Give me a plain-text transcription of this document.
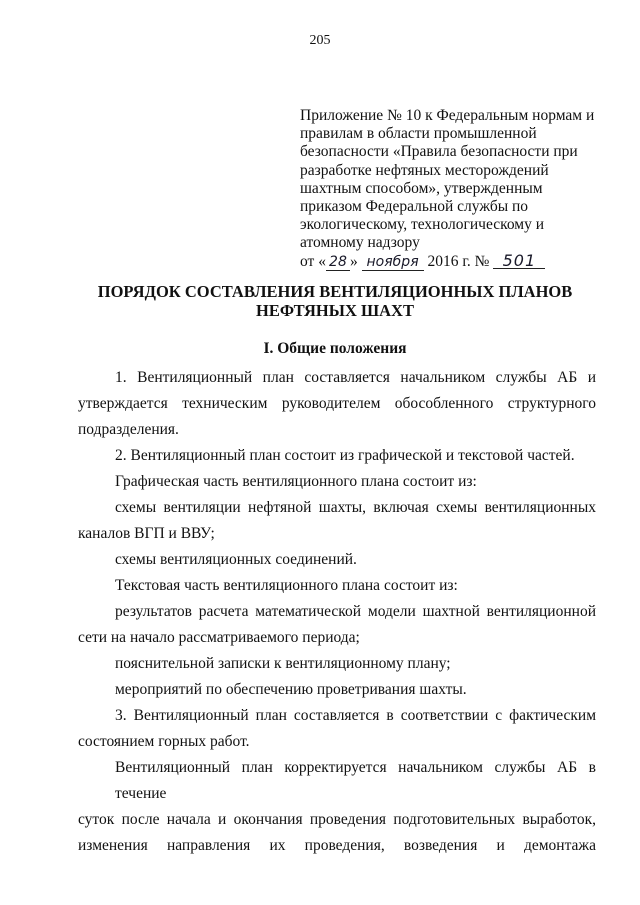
205
Приложение № 10 к Федеральным нормам и
правилам в области промышленной
безопасности «Правила безопасности при
разработке нефтяных месторождений
шахтным способом», утвержденным
приказом Федеральной службы по
экологическому, технологическому и
атомному надзору
от « 28 » ноября 2016 г. № 501
ПОРЯДОК СОСТАВЛЕНИЯ ВЕНТИЛЯЦИОННЫХ ПЛАНОВ
НЕФТЯНЫХ ШАХТ
I. Общие положения

1. Вентиляционный план составляется начальником службы АБ и

утверждается техническим руководителем обособленного структурного

подразделения.

2. Вентиляционный план состоит из графической и текстовой частей.

Графическая часть вентиляционного плана состоит из:

схемы вентиляции нефтяной шахты, включая схемы вентиляционных

каналов ВГП и ВВУ;

схемы вентиляционных соединений.

Текстовая часть вентиляционного плана состоит из:

результатов расчета математической модели шахтной вентиляционной

сети на начало рассматриваемого периода;

пояснительной записки к вентиляционному плану;

мероприятий по обеспечению проветривания шахты.

3. Вентиляционный план составляется в соответствии с фактическим

состоянием горных работ.

Вентиляционный план корректируется начальником службы АБ в течение

суток после начала и окончания проведения подготовительных выработок,

изменения направления их проведения, возведения и демонтажа
